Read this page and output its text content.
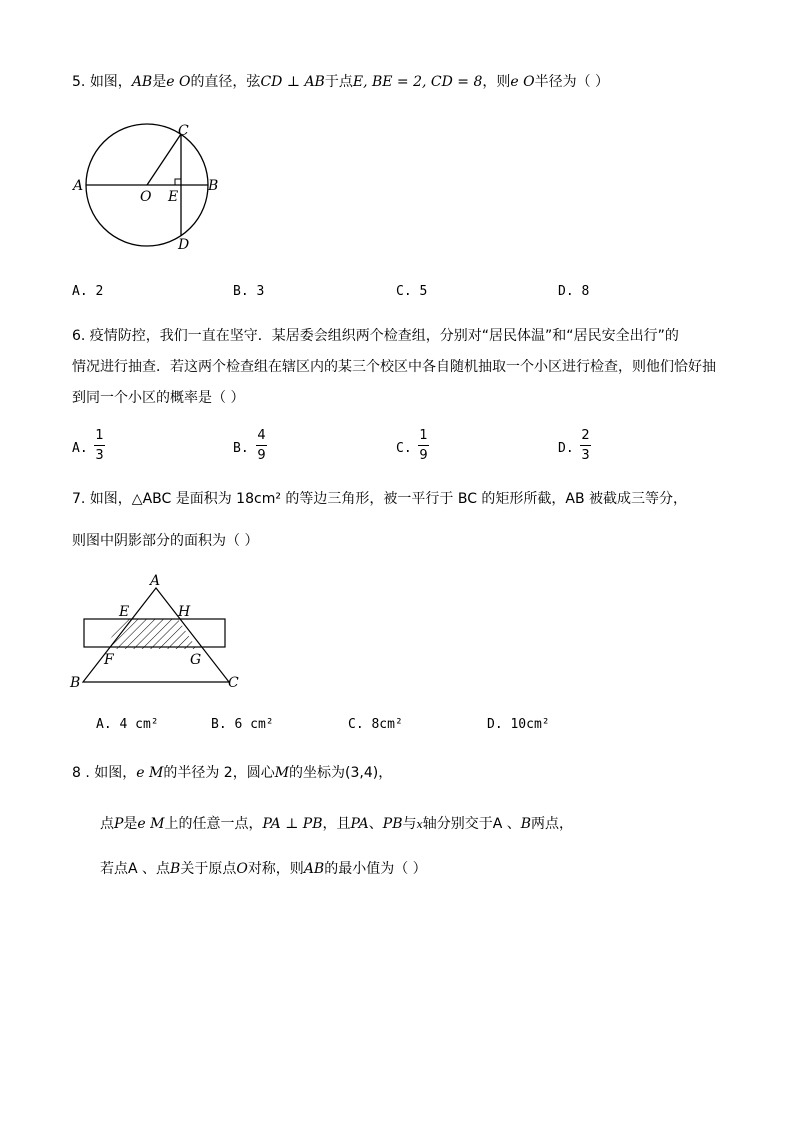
5. 如图，AB是e O的直径，弦CD ⊥ AB于点E, BE = 2, CD = 8，则e O半径为（ ）
A	B
C
D
O E
A. 2	B. 3	C. 5	D. 8
6. 疫情防控，我们一直在坚守．某居委会组织两个检查组，分别对“居民体温”和“居民安全出行”的
情况进行抽查．若这两个检查组在辖区内的某三个校区中各自随机抽取一个小区进行检查，则他们恰好抽
到同一个小区的概率是（ ）
A.
1
3	B.
4
9	C.
1
9	D.
2
3
7. 如图，△ABC 是面积为 18cm² 的等边三角形，被一平行于 BC 的矩形所截，AB 被截成三等分，
则图中阴影部分的面积为（ ）
A
B	C
E	H
F	G
A. 4 cm²	B. 6 cm²	C. 8cm²	D. 10cm²
8 . 如图，e M的半径为 2，圆心M的坐标为(3,4)，
点P是e M上的任意一点，PA ⊥ PB，且PA、PB与x轴分别交于A 、B两点，
若点A 、点B关于原点O对称，则AB的最小值为（ ）
